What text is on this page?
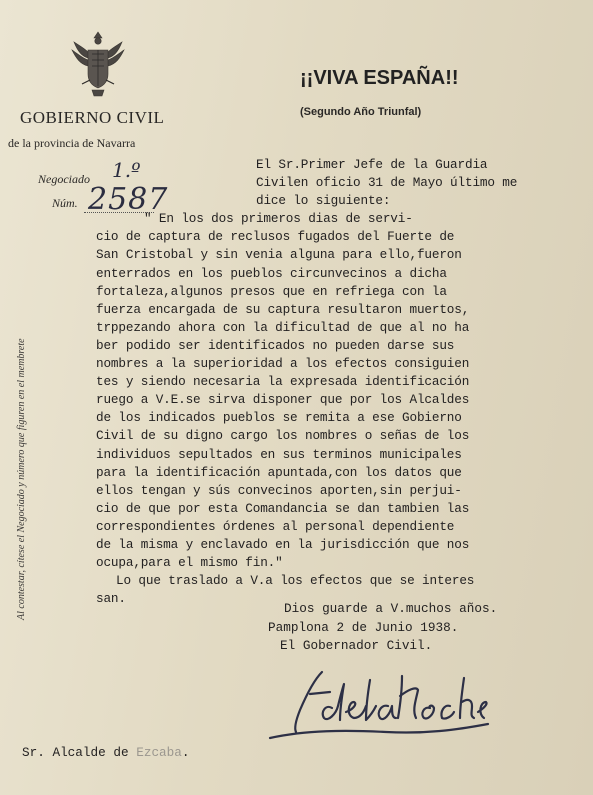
GOBIERNO CIVIL
de la provincia de Navarra
¡¡VIVA ESPAÑA!!
(Segundo Año Triunfal)
Negociado 1.º
Núm. 2587
Al contestar, cítese el Negociado y número que figuren en el membrete
El Sr.Primer Jefe de la Guardia
Civilen oficio 31 de Mayo último me
dice lo siguiente:
" En los dos primeros dias de servi-
cio de captura de reclusos fugados del Fuerte de
San Cristobal y sin venia alguna para ello,fueron
enterrados en los pueblos circunvecinos a dicha
fortaleza,algunos presos que en refriega con la
fuerza encargada de su captura resultaron muertos,
trppezando ahora con la dificultad de que al no ha
ber podido ser identificados no pueden darse sus
nombres a la superioridad a los efectos consiguien
tes y siendo necesaria la expresada identificación
ruego a V.E.se sirva disponer que por los Alcaldes
de los indicados pueblos se remita a ese Gobierno
Civil de su digno cargo los nombres o señas de los
individuos sepultados en sus terminos municipales
para la identificación apuntada,con los datos que
ellos tengan y sús convecinos aporten,sin perjui-
cio de que por esta Comandancia se dan tambien las
correspondientes órdenes al personal dependiente
de la misma y enclavado en la jurisdicción que nos
ocupa,para el mismo fin."
Lo que traslado a V.a los efectos que se interes
san.
Dios guarde a V.muchos años.
Pamplona 2 de Junio 1938.
El Gobernador Civil.
Sr. Alcalde de Ezcaba.
